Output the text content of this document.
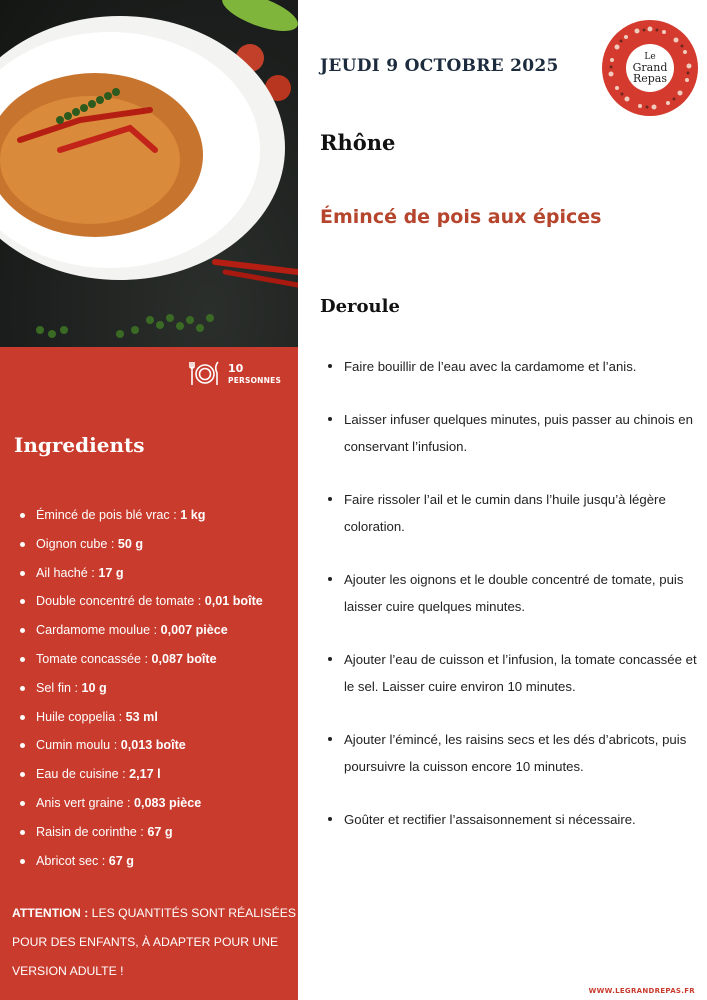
10
PERSONNES
Ingredients
Émincé de pois blé vrac : 1 kg
Oignon cube : 50 g
Ail haché : 17 g
Double concentré de tomate : 0,01 boîte
Cardamome moulue : 0,007 pièce
Tomate concassée : 0,087 boîte
Sel fin : 10 g
Huile coppelia : 53 ml
Cumin moulu : 0,013 boîte
Eau de cuisine : 2,17 l
Anis vert graine : 0,083 pièce
Raisin de corinthe : 67 g
Abricot sec : 67 g
ATTENTION : LES QUANTITÉS SONT RÉALISÉES POUR DES ENFANTS, À ADAPTER POUR UNE VERSION ADULTE !
JEUDI 9 OCTOBRE 2025	Le
Grand
Repas
Rhône
Émincé de pois aux épices
Deroule
Faire bouillir de l’eau avec la cardamome et l’anis.
Laisser infuser quelques minutes, puis passer au chinois en conservant l’infusion.
Faire rissoler l’ail et le cumin dans l’huile jusqu’à légère coloration.
Ajouter les oignons et le double concentré de tomate, puis laisser cuire quelques minutes.
Ajouter l’eau de cuisson et l’infusion, la tomate concassée et le sel. Laisser cuire environ 10 minutes.
Ajouter l’émincé, les raisins secs et les dés d’abricots, puis poursuivre la cuisson encore 10 minutes.
Goûter et rectifier l’assaisonnement si nécessaire.
WWW.LEGRANDREPAS.FR
